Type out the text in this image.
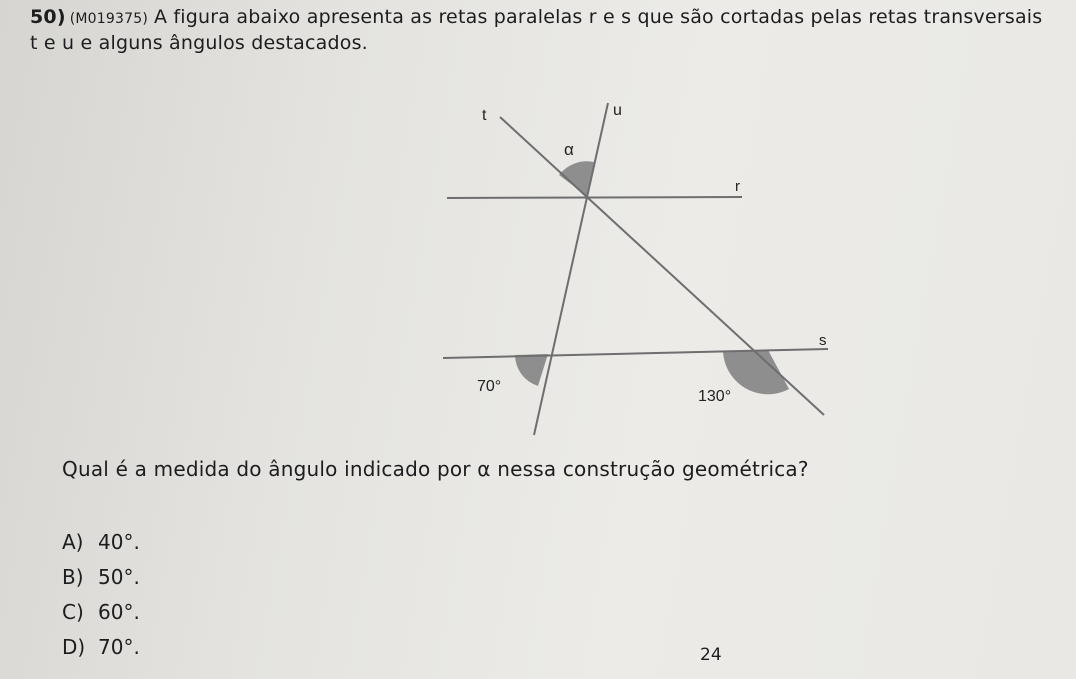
50) (M019375) A figura abaixo apresenta as retas paralelas r e s que são cortadas pelas retas transversais
t e u e alguns ângulos destacados.
t	u
α
r
s
70°
130°
Qual é a medida do ângulo indicado por α nessa construção geométrica?
A) 40°.
B) 50°.
C) 60°.
D) 70°.	24
